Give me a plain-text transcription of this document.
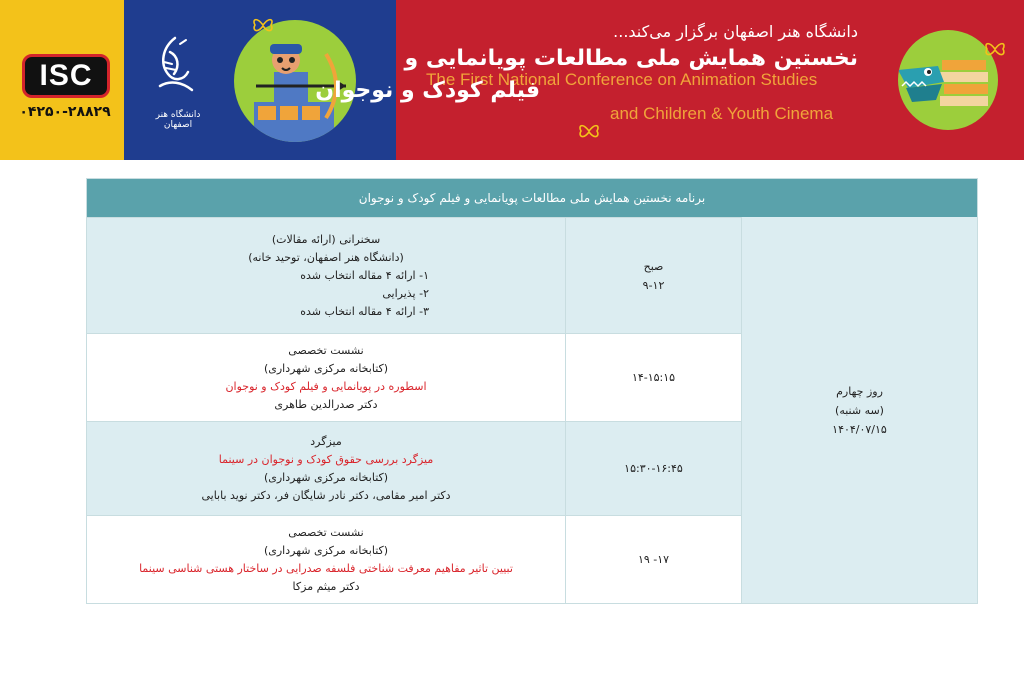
ISC
۰۴۲۵۰-۲۸۸۲۹	دانشگاه هنر اصفهان
دانشگاه هنر اصفهان برگزار می‌کند...
نخستین همایش ملی مطالعات پویانمایی و
The First National Conference on Animation Studies
فیلم کودک و نوجوان
and Children & Youth Cinema
برنامه نخستین همایش ملی مطالعات پویانمایی و فیلم کودک و نوجوان
روز چهارم
(سه شنبه)
۱۴۰۴/۰۷/۱۵
صبح
۹-۱۲
سخنرانی (ارائه مقالات)
(دانشگاه هنر اصفهان، توحید خانه)
۱- ارائه ۴ مقاله انتخاب شده
۲- پذیرایی
۳- ارائه ۴ مقاله انتخاب شده
۱۴-۱۵:۱۵
نشست تخصصی
(کتابخانه مرکزی شهرداری)
اسطوره در پویانمایی و فیلم کودک و نوجوان
دکتر صدرالدین طاهری
۱۵:۳۰-۱۶:۴۵
میزگرد
میزگرد بررسی حقوق کودک و نوجوان در سینما
(کتابخانه مرکزی شهرداری)
دکتر امیر مقامی، دکتر نادر شایگان فر، دکتر نوید بابایی
۱۷- ۱۹
نشست تخصصی
(کتابخانه مرکزی شهرداری)
تبیین تاثیر مفاهیم معرفت شناختی فلسفه صدرایی در ساختار هستی شناسی سینما
دکتر میثم مزکا
